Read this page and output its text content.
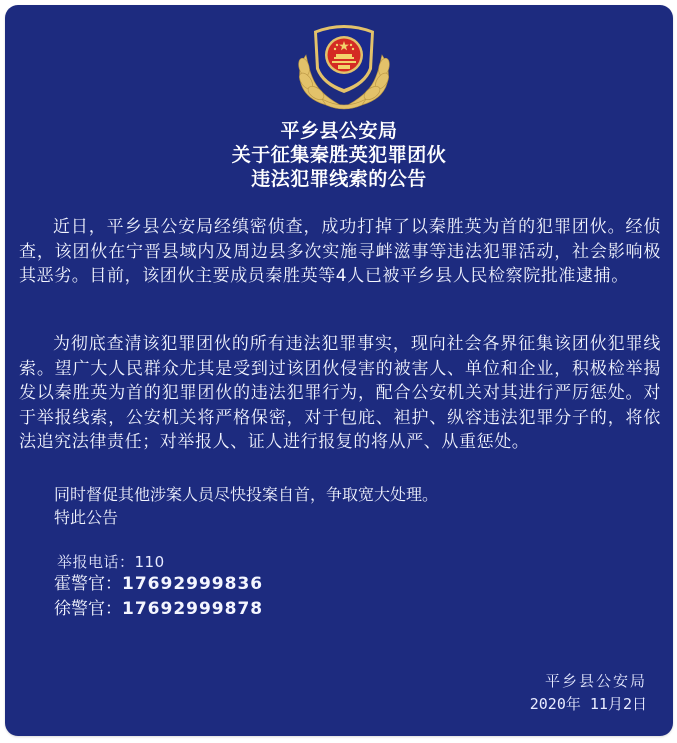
平乡县公安局
关于征集秦胜英犯罪团伙
违法犯罪线索的公告

近日，平乡县公安局经缜密侦查，成功打掉了以秦胜英为首的犯罪团伙。经侦查，该团伙在宁晋县域内及周边县多次实施寻衅滋事等违法犯罪活动，社会影响极其恶劣。目前，该团伙主要成员秦胜英等4人已被平乡县人民检察院批准逮捕。

为彻底查清该犯罪团伙的所有违法犯罪事实，现向社会各界征集该团伙犯罪线索。望广大人民群众尤其是受到过该团伙侵害的被害人、单位和企业，积极检举揭发以秦胜英为首的犯罪团伙的违法犯罪行为，配合公安机关对其进行严厉惩处。对于举报线索，公安机关将严格保密，对于包庇、袒护、纵容违法犯罪分子的，将依法追究法律责任；对举报人、证人进行报复的将从严、从重惩处。

同时督促其他涉案人员尽快投案自首，争取宽大处理。
特此公告
举报电话：110
霍警官：17692999836
徐警官：17692999878
平乡县公安局
2020年 11月2日
